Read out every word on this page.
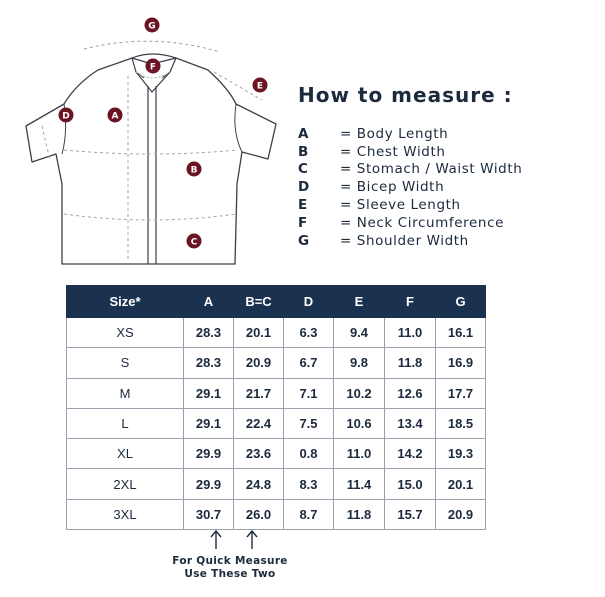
G
F
E
D	A
B
C
How to measure :
A	= Body Length
B	= Chest Width
C	= Stomach / Waist Width
D	= Bicep Width
E	= Sleeve Length
F	= Neck Circumference
G	= Shoulder Width
Size*	A	B=C	D	E	F	G
XS	28.3	20.1	6.3	9.4	11.0	16.1
S	28.3	20.9	6.7	9.8	11.8	16.9
M	29.1	21.7	7.1	10.2	12.6	17.7
L	29.1	22.4	7.5	10.6	13.4	18.5
XL	29.9	23.6	0.8	11.0	14.2	19.3
2XL	29.9	24.8	8.3	11.4	15.0	20.1
3XL	30.7	26.0	8.7	11.8	15.7	20.9
For Quick Measure
Use These Two
